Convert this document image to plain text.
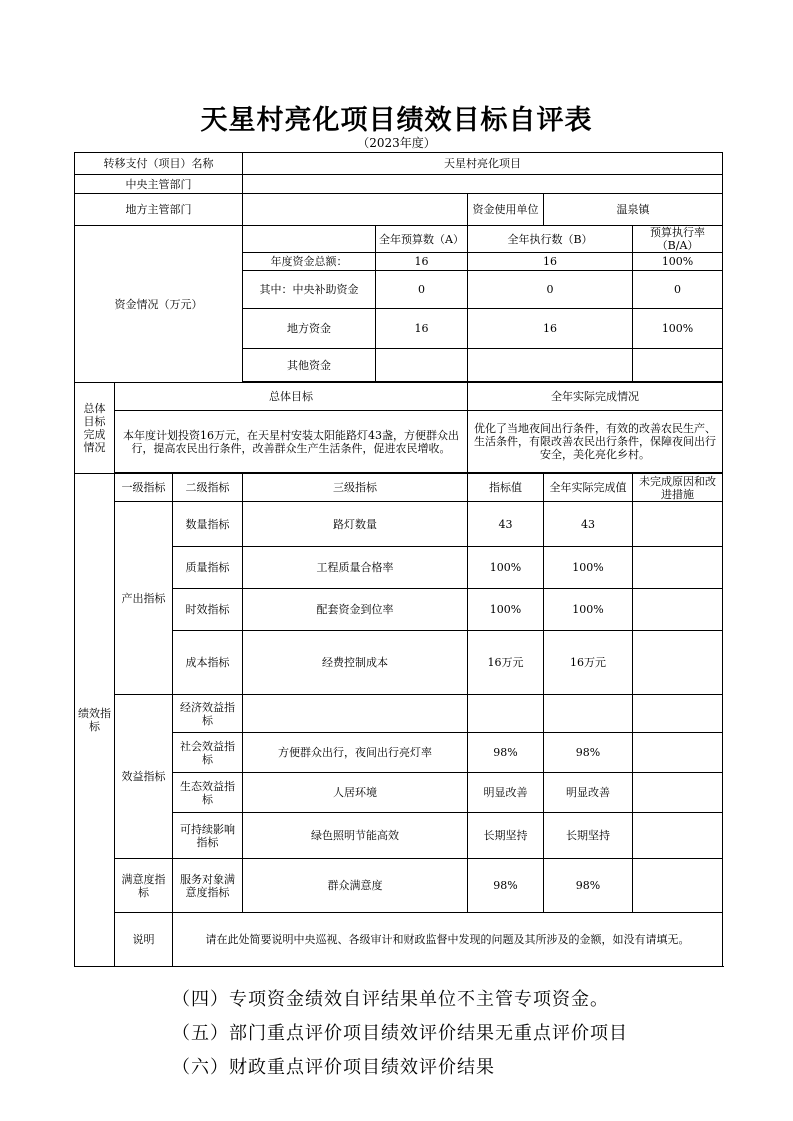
天星村亮化项目绩效目标自评表
（2023年度）
转移支付（项目）名称			天星村亮化项目				
中央主管部门							
地方主管部门					资金使用单位	温泉镇	
资金情况（万元）				全年预算数（A）	全年执行数（B）		预算执行率 （B/A）
			年度资金总额：	16	16		100%
			其中：中央补助资金	0	0		0
			地方资金	16	16		100%
			其他资金				

总体目标完成情况	总体目标				全年实际完成情况		
	本年度计划投资16万元，在天星村安装太阳能路灯43盏，方便群众出行，提高农民出行条件，改善群众生产生活条件，促进农民增收。				优化了当地夜间出行条件，有效的改善农民生产、生活条件，有限改善农民出行条件，保障夜间出行安全，美化亮化乡村。		

绩效指标	一级指标	二级指标	三级指标		指标值	全年实际完成值	未完成原因和改进措施
	产出指标	数量指标	路灯数量		43	43	
		质量指标	工程质量合格率		100%	100%	
		时效指标	配套资金到位率		100%	100%	
		成本指标	经费控制成本		16万元	16万元	
	效益指标	经济效益指标					
		社会效益指标	方便群众出行，夜间出行亮灯率		98%	98%	
		生态效益指标	人居环境		明显改善	明显改善	
		可持续影响指标	绿色照明节能高效		长期坚持	长期坚持	
	满意度指标	服务对象满意度指标	群众满意度		98%	98%	
	说明	请在此处简要说明中央巡视、各级审计和财政监督中发现的问题及其所涉及的金额，如没有请填无。					
（四）专项资金绩效自评结果单位不主管专项资金。
（五）部门重点评价项目绩效评价结果无重点评价项目
（六）财政重点评价项目绩效评价结果
